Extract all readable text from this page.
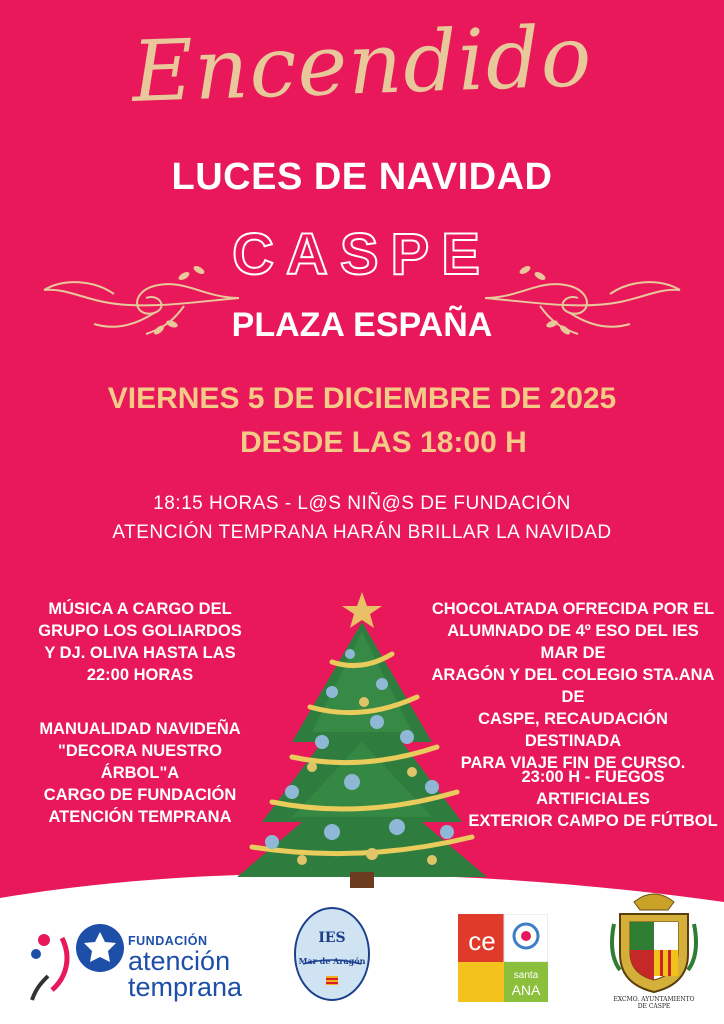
Encendido
LUCES DE NAVIDAD
CASPE
PLAZA ESPAÑA
VIERNES 5 DE DICIEMBRE DE 2025
DESDE LAS 18:00 H
18:15 HORAS - L@S NIÑ@S DE FUNDACIÓN
ATENCIÓN TEMPRANA HARÁN BRILLAR LA NAVIDAD
MÚSICA A CARGO DEL
GRUPO LOS GOLIARDOS
Y DJ. OLIVA HASTA LAS
22:00 HORAS
MANUALIDAD NAVIDEÑA
"DECORA NUESTRO ÁRBOL"A
CARGO DE FUNDACIÓN
ATENCIÓN TEMPRANA
CHOCOLATADA OFRECIDA POR EL
ALUMNADO DE 4º ESO DEL IES MAR DE
ARAGÓN Y DEL COLEGIO STA.ANA DE
CASPE, RECAUDACIÓN DESTINADA
PARA VIAJE FIN DE CURSO.
23:00 H - FUEGOS ARTIFICIALES
EXTERIOR CAMPO DE FÚTBOL
FUNDACIÓN
atención
temprana
IES
Mar de Aragón
ce
santa
ANA
EXCMO. AYUNTAMIENTO
DE CASPE
